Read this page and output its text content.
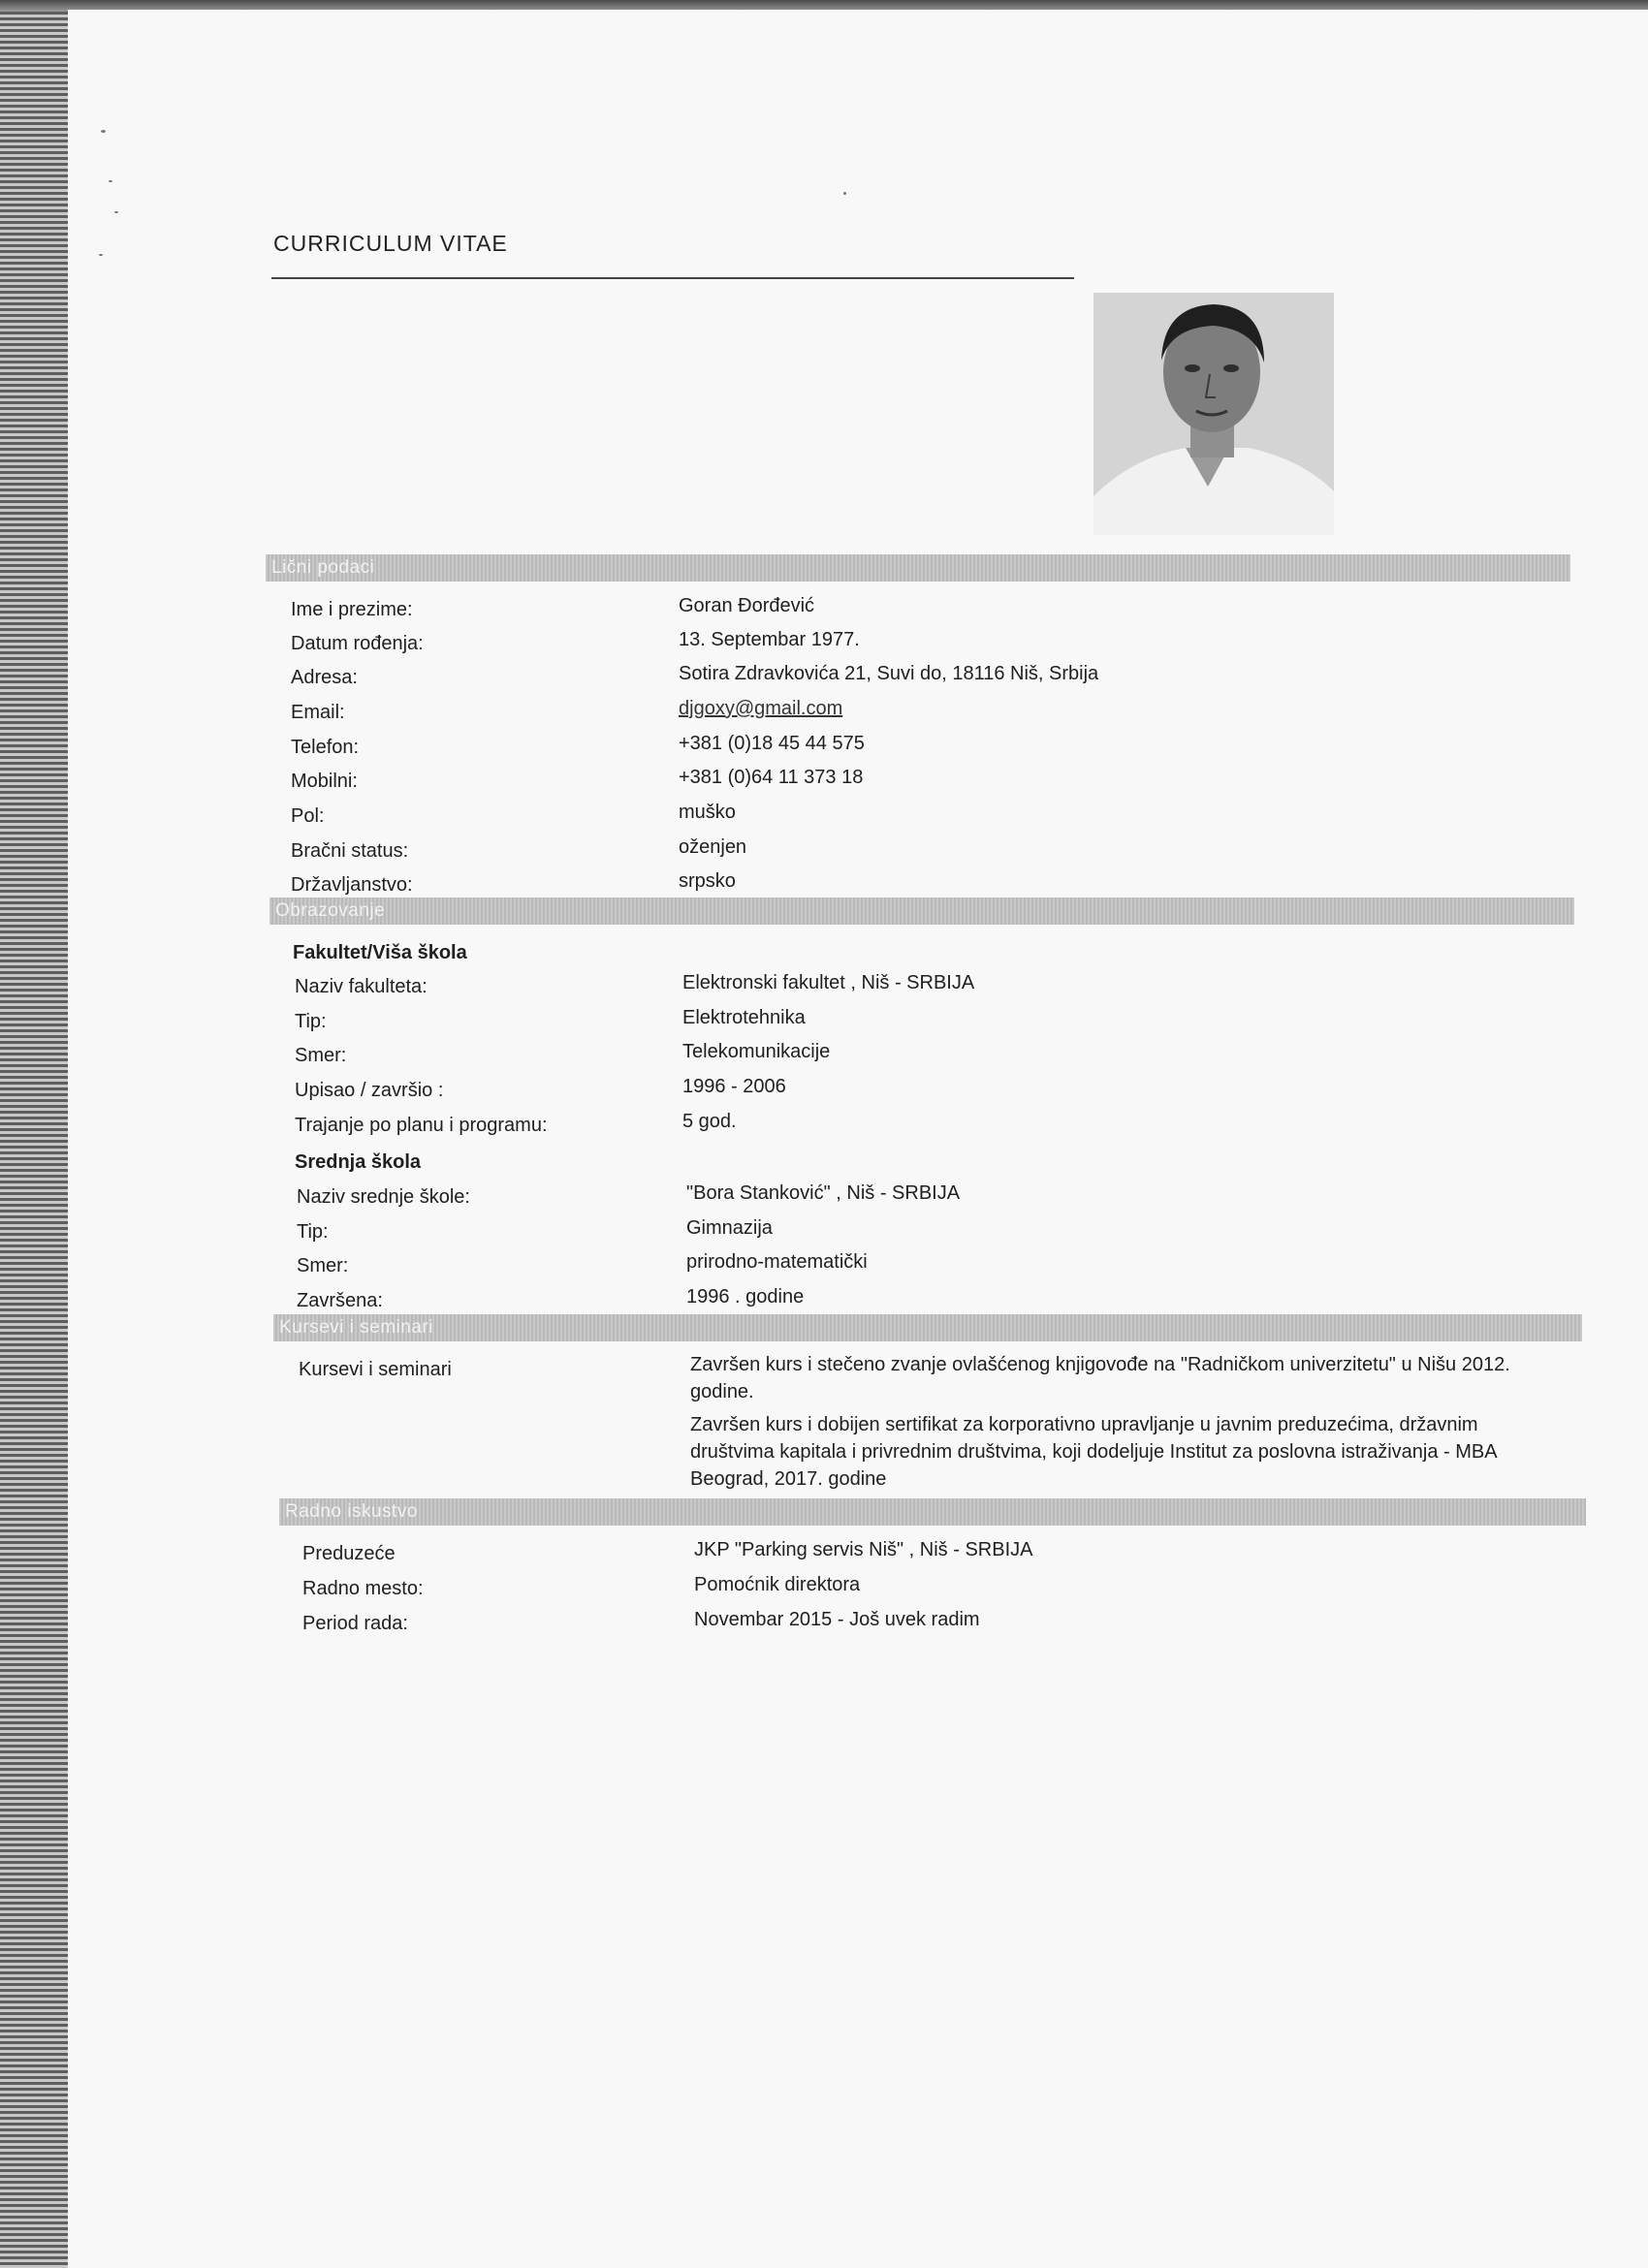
CURRICULUM VITAE
Lični podaci
Ime i prezime:	Goran Đorđević
Datum rođenja:	13. Septembar 1977.
Adresa:	Sotira Zdravkovića 21, Suvi do, 18116 Niš, Srbija
Email:	djgoxy@gmail.com
Telefon:	+381 (0)18 45 44 575
Mobilni:	+381 (0)64 11 373 18
Pol:	muško
Bračni status:	oženjen
Državljanstvo:	srpsko
Obrazovanje
Fakultet/Viša škola
Naziv fakulteta:	Elektronski fakultet , Niš - SRBIJA
Tip:	Elektrotehnika
Smer:	Telekomunikacije
Upisao / završio :	1996 - 2006
Trajanje po planu i programu:	5 god.
Srednja škola
Naziv srednje škole:	"Bora Stanković" , Niš - SRBIJA
Tip:	Gimnazija
Smer:	prirodno-matematički
Završena:	1996 . godine
Kursevi i seminari
Kursevi i seminari	Završen kurs i stečeno zvanje ovlašćenog knjigovođe na "Radničkom univerzitetu" u Nišu 2012. godine.
Završen kurs i dobijen sertifikat za korporativno upravljanje u javnim preduzećima, državnim društvima kapitala i privrednim društvima, koji dodeljuje Institut za poslovna istraživanja - MBA Beograd, 2017. godine
Radno iskustvo
Preduzeće	JKP "Parking servis Niš" , Niš - SRBIJA
Radno mesto:	Pomoćnik direktora
Period rada:	Novembar 2015 - Još uvek radim
